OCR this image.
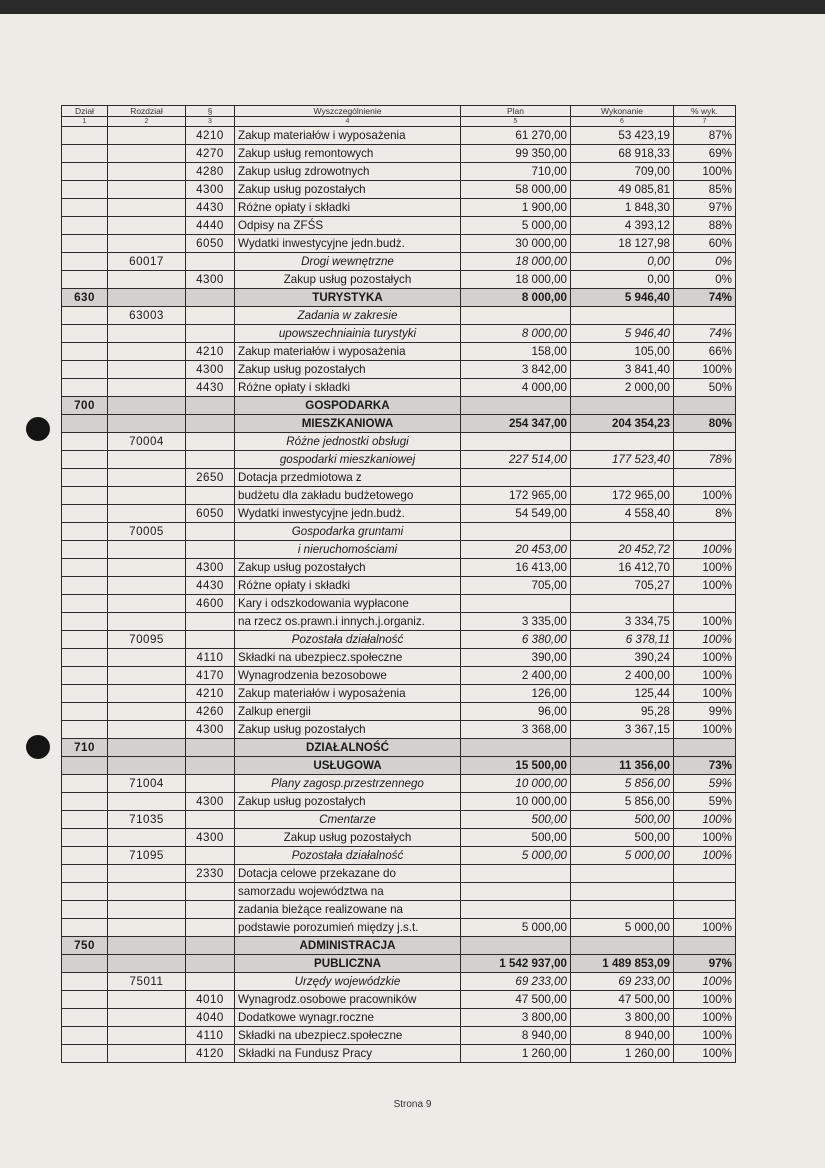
Dział	Rozdział	§	Wyszczególnienie	Plan	Wykonanie	% wyk.
1	2	3	4	5	6	7
		4210	Zakup materiałów i wyposażenia	61 270,00	53 423,19	87%
		4270	Zakup usług remontowych	99 350,00	68 918,33	69%
		4280	Zakup usług zdrowotnych	710,00	709,00	100%
		4300	Zakup usług pozostałych	58 000,00	49 085,81	85%
		4430	Różne opłaty i składki	1 900,00	1 848,30	97%
		4440	Odpisy na ZFŚS	5 000,00	4 393,12	88%
		6050	Wydatki inwestycyjne jedn.budż.	30 000,00	18 127,98	60%
	60017		Drogi wewnętrzne	18 000,00	0,00	0%
		4300	Zakup usług pozostałych	18 000,00	0,00	0%
630			TURYSTYKA	8 000,00	5 946,40	74%
	63003		Zadania w zakresie			
			upowszechniainia turystyki	8 000,00	5 946,40	74%
		4210	Zakup materiałów i wyposażenia	158,00	105,00	66%
		4300	Zakup usług pozostałych	3 842,00	3 841,40	100%
		4430	Różne opłaty i składki	4 000,00	2 000,00	50%
700			GOSPODARKA			
			MIESZKANIOWA	254 347,00	204 354,23	80%
	70004		Różne jednostki obsługi			
			gospodarki mieszkaniowej	227 514,00	177 523,40	78%
		2650	Dotacja przedmiotowa z			
			budżetu dla zakładu budżetowego	172 965,00	172 965,00	100%
		6050	Wydatki inwestycyjne jedn.budż.	54 549,00	4 558,40	8%
	70005		Gospodarka gruntami			
			i nieruchomościami	20 453,00	20 452,72	100%
		4300	Zakup usług pozostałych	16 413,00	16 412,70	100%
		4430	Różne opłaty i składki	705,00	705,27	100%
		4600	Kary i odszkodowania wypłacone			
			na rzecz os.prawn.i innych.j.organiz.	3 335,00	3 334,75	100%
	70095		Pozostała działalność	6 380,00	6 378,11	100%
		4110	Składki na ubezpiecz.społeczne	390,00	390,24	100%
		4170	Wynagrodzenia bezosobowe	2 400,00	2 400,00	100%
		4210	Zakup materiałów i wyposażenia	126,00	125,44	100%
		4260	Zalkup energii	96,00	95,28	99%
		4300	Zakup usług pozostałych	3 368,00	3 367,15	100%
710			DZIAŁALNOŚĆ			
			USŁUGOWA	15 500,00	11 356,00	73%
	71004		Plany zagosp.przestrzennego	10 000,00	5 856,00	59%
		4300	Zakup usług pozostałych	10 000,00	5 856,00	59%
	71035		Cmentarze	500,00	500,00	100%
		4300	Zakup usług pozostałych	500,00	500,00	100%
	71095		Pozostała działalność	5 000,00	5 000,00	100%
		2330	Dotacja celowe przekazane do			
			samorzadu województwa na			
			zadania bieżące realizowane na			
			podstawie porozumień między j.s.t.	5 000,00	5 000,00	100%
750			ADMINISTRACJA			
			PUBLICZNA	1 542 937,00	1 489 853,09	97%
	75011		Urzędy wojewódzkie	69 233,00	69 233,00	100%
		4010	Wynagrodz.osobowe pracowników	47 500,00	47 500,00	100%
		4040	Dodatkowe wynagr.roczne	3 800,00	3 800,00	100%
		4110	Składki na ubezpiecz.społeczne	8 940,00	8 940,00	100%
		4120	Składki na Fundusz Pracy	1 260,00	1 260,00	100%
Strona 9
